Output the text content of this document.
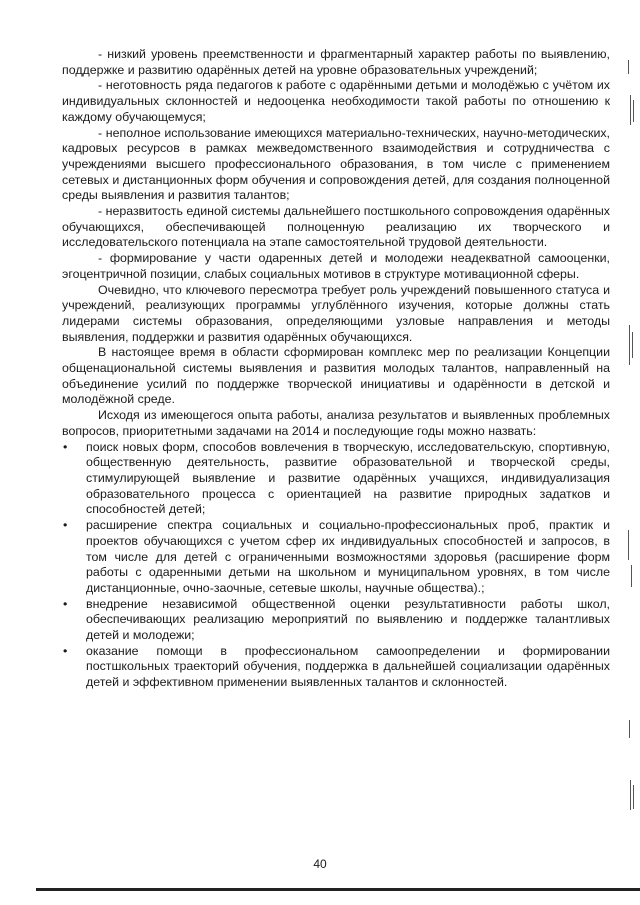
- низкий уровень преемственности и фрагментарный характер работы по выявлению, поддержке и развитию одарённых детей на уровне образовательных учреждений;

- неготовность ряда педагогов к работе с одарёнными детьми и молодёжью с учётом их индивидуальных склонностей и недооценка необходимости такой работы по отношению к каждому обучающемуся;

- неполное использование имеющихся материально-технических, научно-методических, кадровых ресурсов в рамках межведомственного взаимодействия и сотрудничества с учреждениями высшего профессионального образования, в том числе с применением сетевых и дистанционных форм обучения и сопровождения детей, для создания полноценной среды выявления и развития талантов;

- неразвитость единой системы дальнейшего постшкольного сопровождения одарённых обучающихся, обеспечивающей полноценную реализацию их творческого и исследовательского потенциала на этапе самостоятельной трудовой деятельности.

- формирование у части одаренных детей и молодежи неадекватной самооценки, эгоцентричной позиции, слабых социальных мотивов в структуре мотивационной сферы.

Очевидно, что ключевого пересмотра требует роль учреждений повышенного статуса и учреждений, реализующих программы углублённого изучения, которые должны стать лидерами системы образования, определяющими узловые направления и методы выявления, поддержки и развития одарённых обучающихся.

В настоящее время в области сформирован комплекс мер по реализации Концепции общенациональной системы выявления и развития молодых талантов, направленный на объединение усилий по поддержке творческой инициативы и одарённости в детской и молодёжной среде.

Исходя из имеющегося опыта работы, анализа результатов и выявленных проблемных вопросов, приоритетными задачами на 2014 и последующие годы можно назвать:

• поиск новых форм, способов вовлечения в творческую, исследовательскую, спортивную, общественную деятельность, развитие образовательной и творческой среды, стимулирующей выявление и развитие одарённых учащихся, индивидуализация образовательного процесса с ориентацией на развитие природных задатков и способностей детей;
• расширение спектра социальных и социально-профессиональных проб, практик и проектов обучающихся с учетом сфер их индивидуальных способностей и запросов, в том числе для детей с ограниченными возможностями здоровья (расширение форм работы с одаренными детьми на школьном и муниципальном уровнях, в том числе дистанционные, очно-заочные, сетевые школы, научные общества).;
• внедрение независимой общественной оценки результативности работы школ, обеспечивающих реализацию мероприятий по выявлению и поддержке талантливых детей и молодежи;
• оказание помощи в профессиональном самоопределении и формировании постшкольных траекторий обучения, поддержка в дальнейшей социализации одарённых детей и эффективном применении выявленных талантов и склонностей.
40
